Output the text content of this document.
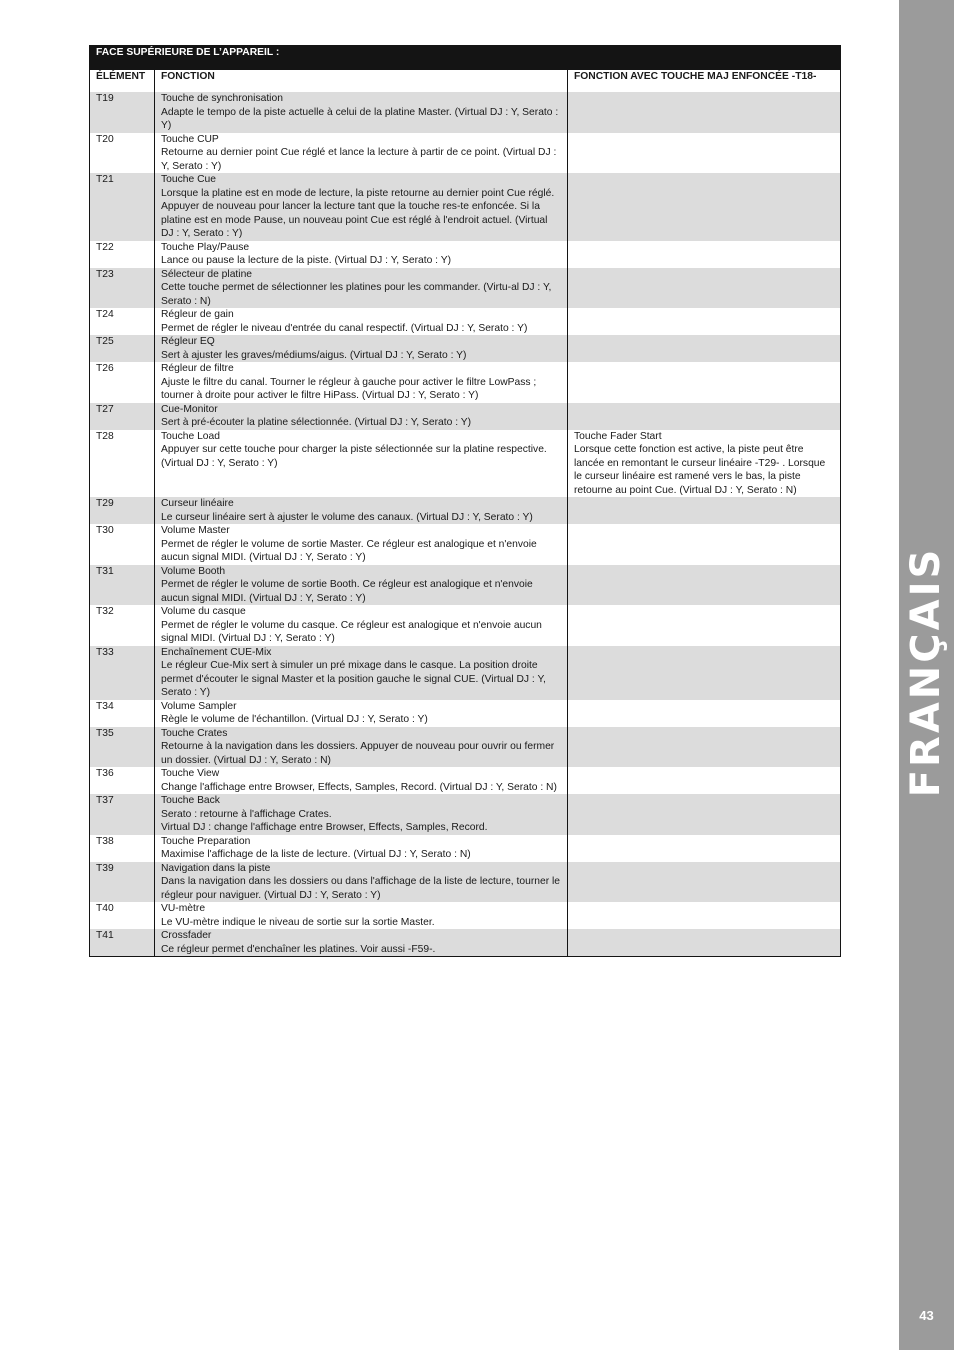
FACE SUPÉRIEURE DE L’APPAREIL :		
ÉLÉMENT	FONCTION	FONCTION AVEC TOUCHE MAJ ENFONCÉE -T18-
T19	Touche de synchronisation
Adapte le tempo de la piste actuelle à celui de la platine Master. (Virtual DJ : Y, Serato : Y)	

T20	Touche CUP
Retourne au dernier point Cue réglé et lance la lecture à partir de ce point. (Virtual DJ : Y, Serato : Y)	

T21	Touche Cue
Lorsque la platine est en mode de lecture, la piste retourne au dernier point Cue réglé. Appuyer de nouveau pour lancer la lecture tant que la touche res-te enfoncée. Si la platine est en mode Pause, un nouveau point Cue est réglé à l'endroit actuel. (Virtual DJ : Y, Serato : Y)	

T22	Touche Play/Pause
Lance ou pause la lecture de la piste. (Virtual DJ : Y, Serato : Y)	

T23	Sélecteur de platine
Cette touche permet de sélectionner les platines pour les commander. (Virtu-al DJ : Y, Serato : N)	

T24	Régleur de gain
Permet de régler le niveau d'entrée du canal respectif. (Virtual DJ : Y, Serato : Y)	

T25	Régleur EQ
Sert à ajuster les graves/médiums/aigus. (Virtual DJ : Y, Serato : Y)	

T26	Régleur de filtre
Ajuste le filtre du canal. Tourner le régleur à gauche pour activer le filtre LowPass ; tourner à droite pour activer le filtre HiPass. (Virtual DJ : Y, Serato : Y)	

T27	Cue-Monitor
Sert à pré-écouter la platine sélectionnée. (Virtual DJ : Y, Serato : Y)	

T28	Touche Load
Appuyer sur cette touche pour charger la piste sélectionnée sur la platine respective. (Virtual DJ : Y, Serato : Y)	Touche Fader Start
Lorsque cette fonction est active, la piste peut être lancée en remontant le curseur linéaire -T29- . Lorsque le curseur linéaire est ramené vers le bas, la piste retourne au point Cue. (Virtual DJ : Y, Serato : N)

T29	Curseur linéaire
Le curseur linéaire sert à ajuster le volume des canaux. (Virtual DJ : Y, Serato : Y)	

T30	Volume Master
Permet de régler le volume de sortie Master. Ce régleur est analogique et n'envoie aucun signal MIDI. (Virtual DJ : Y, Serato : Y)	

T31	Volume Booth
Permet de régler le volume de sortie Booth. Ce régleur est analogique et n'envoie aucun signal MIDI. (Virtual DJ : Y, Serato : Y)	

T32	Volume du casque
Permet de régler le volume du casque. Ce régleur est analogique et n'envoie aucun signal MIDI. (Virtual DJ : Y, Serato : Y)	

T33	Enchaînement CUE-Mix
Le régleur Cue-Mix sert à simuler un pré mixage dans le casque. La position droite permet d'écouter le signal Master et la position gauche le signal CUE. (Virtual DJ : Y, Serato : Y)	

T34	Volume Sampler
Règle le volume de l'échantillon. (Virtual DJ : Y, Serato : Y)	

T35	Touche Crates
Retourne à la navigation dans les dossiers. Appuyer de nouveau pour ouvrir ou fermer un dossier. (Virtual DJ : Y, Serato : N)	

T36	Touche View
Change l'affichage entre Browser, Effects, Samples, Record. (Virtual DJ : Y, Serato : N)	

T37	Touche Back
Serato : retourne à l'affichage Crates.
Virtual DJ : change l'affichage entre Browser, Effects, Samples, Record.	

T38	Touche Preparation
Maximise l'affichage de la liste de lecture. (Virtual DJ : Y, Serato : N)	

T39	Navigation dans la piste
Dans la navigation dans les dossiers ou dans l'affichage de la liste de lecture, tourner le régleur pour naviguer. (Virtual DJ : Y, Serato : Y)	

T40	VU-mètre
Le VU-mètre indique le niveau de sortie sur la sortie Master.	

T41	Crossfader
Ce régleur permet d'enchaîner les platines. Voir aussi -F59-.	

FRANÇAIS
43
